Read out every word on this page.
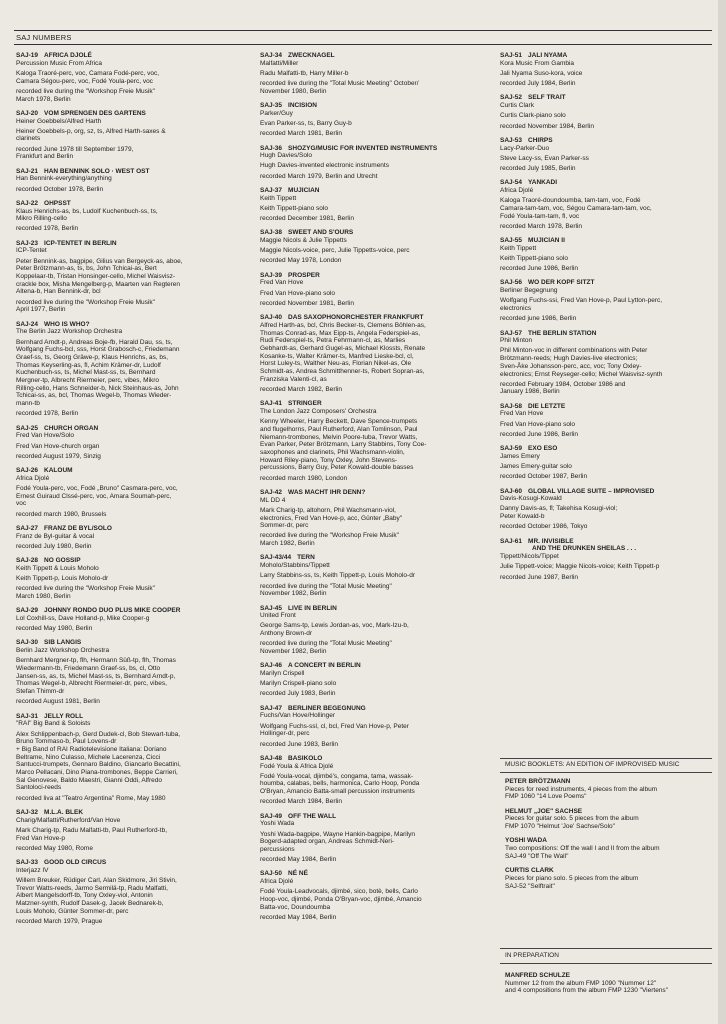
SAJ NUMBERS
SAJ-19 AFRICA DJOLÉ
Percussion Music From Africa
Kaloga Traoré-perc, voc, Camara Fodé-perc, voc,
Camara Ségou-perc, voc, Fodé Youla-perc, voc
recorded live during the "Workshop Freie Musik"
March 1978, Berlin
SAJ-20 VOM SPRENGEN DES GARTENS
Heiner Goebbels/Alfred Harth
Heiner Goebbels-p, org, sz, ts, Alfred Harth-saxes &
clarinets
recorded June 1978 till September 1979,
Frankfurt and Berlin
SAJ-21 HAN BENNINK SOLO · WEST OST
Han Bennink-everything/anything
recorded October 1978, Berlin
SAJ-22 OHPSST
Klaus Henrichs-as, bs, Ludolf Kuchenbuch-ss, ts,
Mikro Rilling-cello
recorded 1978, Berlin
SAJ-23 ICP-TENTET IN BERLIN
ICP-Tentet
Peter Bennink-as, bagpipe, Gilius van Bergeyck-as, aboe,
Peter Brötzmann-as, ts, bs, John Tchicai-as, Bert
Koppelaar-tb, Tristan Honsinger-cello, Michel Waisvisz-
crackle box, Misha Mengelberg-p, Maarten van Regteren
Altena-b, Han Bennink-dr, bcl
recorded live during the "Workshop Freie Musik"
April 1977, Berlin
SAJ-24 WHO IS WHO?
The Berlin Jazz Workshop Orchestra
Bernhard Arndt-p, Andreas Boje-fb, Harald Dau, ss, ts,
Wolfgang Fuchs-bcl, sss, Horst Grabosch-c, Friedemann
Graef-ss, ts, Georg Gräwe-p, Klaus Henrichs, as, bs,
Thomas Keyserling-as, fl, Achim Krämer-dr, Ludolf
Kuchenbuch-ss, ts, Michel Mast-ss, ts, Bernhard
Mergner-tp, Albrecht Riermeier, perc, vibes, Mikro
Rilling-cello, Hans Schneider-b, Nick Steinhaus-as, John
Tchicai-ss, as, bcl, Thomas Wegel-b, Thomas Wieder-
mann-tb
recorded 1978, Berlin
SAJ-25 CHURCH ORGAN
Fred Van Hove/Solo
Fred Van Hove-church organ
recorded August 1979, Sinzig
SAJ-26 KALOUM
Africa Djolé
Fodé Youla-perc, voc, Fodé „Bruno" Casmara-perc, voc,
Ernest Guiraud Clssé-perc, voc, Amara Soumah-perc,
voc
recorded march 1980, Brussels
SAJ-27 FRANZ DE BYL/SOLO
Franz de Byl-guitar & vocal
recorded July 1980, Berlin
SAJ-28 NO GOSSIP
Keith Tippett & Louis Moholo
Keith Tippett-p, Louis Moholo-dr
recorded live during the "Workshop Freie Musik"
March 1980, Berlin
SAJ-29 JOHNNY RONDO DUO PLUS MIKE COOPER
Lol Coxhill-ss, Dave Holland-p, Mike Cooper-g
recorded May 1980, Berlin
SAJ-30 SIB LANGIS
Berlin Jazz Workshop Orchestra
Bernhard Mergner-tp, flh, Hermann Süß-tp, flh, Thomas
Wiedermann-tb, Friedemann Graef-ss, bs, cl, Otto
Jansen-ss, as, ts, Michel Mast-ss, ts, Bernhard Arndt-p,
Thomas Wegel-b, Albrecht Riermeier-dr, perc, vibes,
Stefan Thimm-dr
recorded August 1981, Berlin
SAJ-31 JELLY ROLL
"RAI" Big Band & Soloists
Alex Schlippenbach-p, Gerd Dudek-cl, Bob Stewart-tuba,
Bruno Tommaso-b, Paul Lovens-dr
+ Big Band of RAI Radiotelevisione Italiana: Doriano
Beltrame, Nino Culasso, Michele Lacerenza, Cicci
Santucci-trumpets, Gennaro Baldino, Giancarlo Becattini,
Marco Pellacani, Dino Piana-trombones, Beppe Carrieri,
Sal Genovese, Baldo Maestri, Gianni Oddi, Alfredo
Santoloci-reeds
recorded liva at "Teatro Argentina" Rome, May 1980
SAJ-32 M.L.A. BLEK
Charig/Malfatti/Rutherford/Van Hove
Mark Charig-tp, Radu Malfatti-tb, Paul Rutherford-tb,
Fred Van Hove-p
recorded May 1980, Rome
SAJ-33 GOOD OLD CIRCUS
Interjazz IV
Willem Breuker, Rüdiger Carl, Alan Skidmore, Jiri Stivin,
Trevor Watts-reeds, Jarmo Sermilä-tp, Radu Malfatti,
Albert Mangelsdorff-tb, Tony Oxley-viol, Antonin
Matzner-synth, Rudolf Dasek-g, Jacek Bednarek-b,
Louis Moholo, Günter Sommer-dr, perc
recorded March 1979, Prague
SAJ-34 ZWECKNAGEL
Malfatti/Miller
Radu Malfatti-tb, Harry Miller-b
recorded live during the "Total Music Meeting" October/
November 1980, Berlin
SAJ-35 INCISION
Parker/Guy
Evan Parker-ss, ts, Barry Guy-b
recorded March 1981, Berlin
SAJ-36 SHOZYG/MUSIC FOR INVENTED INSTRUMENTS
Hugh Davies/Solo
Hugh Davies-invented electronic instruments
recorded March 1979, Berlin and Utrecht
SAJ-37 MUJICIAN
Keith Tippett
Keith Tippett-piano solo
recorded December 1981, Berlin
SAJ-38 SWEET AND S'OURS
Maggie Nicols & Julie Tippetts
Maggie Nicols-voice, perc, Julie Tippetts-voice, perc
recorded May 1978, London
SAJ-39 PROSPER
Fred Van Hove
Fred Van Hove-piano solo
recorded November 1981, Berlin
SAJ-40 DAS SAXOPHONORCHESTER FRANKFURT
Alfred Harth-as, bcl, Chris Becker-ts, Clemens Böhlen-as,
Thomas Conrad-as, Max Eipp-ts, Angela Federspiel-as,
Rudi Federspiel-ts, Petra Fehrmann-cl, as, Marlies
Gebhardt-as, Gerhard Gugel-as, Michael Klossts, Renate
Kosanke-ts, Walter Krämer-ts, Manfred Lieske-bcl, cl,
Horst Luley-ts, Walther Neu-as, Florian Nikel-as, Ole
Schmidt-as, Andrea Schmitthenner-ts, Robert Sopran-as,
Franziska Valenti-cl, as
recorded March 1982, Berlin
SAJ-41 STRINGER
The London Jazz Composers' Orchestra
Kenny Wheeler, Harry Beckett, Dave Spence-trumpets
and flugelhorns, Paul Rutherford, Alan Tomlinson, Paul
Niemann-trombones, Melvin Poore-tuba, Trevor Watts,
Evan Parker, Peter Brötzmann, Larry Stabbins, Tony Coe-
saxophones and clarinets, Phil Wachsmann-violin,
Howard Riley-piano, Tony Oxley, John Stevens-
percussions, Barry Guy, Peter Kowald-double basses
recorded march 1980, London
SAJ-42 WAS MACHT IHR DENN?
ML DD 4
Mark Charig-tp, altohorn, Phil Wachsmann-viol,
electronics, Fred Van Hove-p, acc, Günter „Baby"
Sommer-dr, perc
recorded live during the "Workshop Freie Musik"
March 1982, Berlin
SAJ-43/44 TERN
Moholo/Stabbins/Tippett
Larry Stabbins-ss, ts, Keith Tippett-p, Louis Moholo-dr
recorded live during the "Total Music Meeting"
November 1982, Berlin
SAJ-45 LIVE IN BERLIN
United Front
George Sams-tp, Lewis Jordan-as, voc, Mark-Izu-b,
Anthony Brown-dr
recorded live during the "Total Music Meeting"
November 1982, Berlin
SAJ-46 A CONCERT IN BERLIN
Marilyn Crispell
Marilyn Crispell-piano solo
recorded July 1983, Berlin
SAJ-47 BERLINER BEGEGNUNG
Fuchs/Van Hove/Hollinger
Wolfgang Fuchs-ssl, cl, bcl, Fred Van Hove-p, Peter
Hollinger-dr, perc
recorded June 1983, Berlin
SAJ-48 BASIKOLO
Fodé Youla & Africa Djolé
Fodé Youla-vocal, djimbé's, congama, tama, wassak-
houmba, calabas, bells, harmonica, Carlo Hoop, Ponda
O'Bryan, Amancio Batta-small percussion instruments
recorded March 1984, Berlin
SAJ-49 OFF THE WALL
Yoshi Wada
Yoshi Wada-bagpipe, Wayne Hankin-bagpipe, Marilyn
Bogerd-adapted organ, Andreas Schmidt-Neri-
percussions
recorded May 1984, Berlin
SAJ-50 NÉ NÉ
Africa Djolé
Fodé Youla-Leadvocals, djimbé, sico, botè, bells, Carlo
Hoop-voc, djimbé, Ponda O'Bryan-voc, djimbé, Amancio
Batta-voc, Doundoumba
recorded May 1984, Berlin
SAJ-51 JALI NYAMA
Kora Music From Gambia
Jali Nyama Suso-kora, voice
recorded July 1984, Berlin
SAJ-52 SELF TRAIT
Curtis Clark
Curtis Clark-piano solo
recorded November 1984, Berlin
SAJ-53 CHIRPS
Lacy-Parker-Duo
Steve Lacy-ss, Evan Parker-ss
recorded July 1985, Berlin
SAJ-54 YANKADI
Africa Djolé
Kaloga Traoré-doundoumba, tam-tam, voc, Fodé
Camara-tam-tam, voc, Ségou Camara-tam-tam, voc,
Fodé Youla-tam-tam, fl, voc
recorded March 1978, Berlin
SAJ-55 MUJICIAN II
Keith Tippett
Keith Tippett-piano solo
recorded June 1986, Berlin
SAJ-56 WO DER KOPF SITZT
Berliner Begegnung
Wolfgang Fuchs-ssi, Fred Van Hove-p, Paul Lytton-perc,
electronics
recorded june 1986, Berlin
SAJ-57 THE BERLIN STATION
Phil Minton
Phil Minton-voc in different combinations with Peter
Brötzmann-reeds; Hugh Davies-live electronics;
Sven-Åke Johansson-perc, acc, voc; Tony Oxley-
electronics; Ernst Reyseger-cello; Michel Waisvisz-synth
recorded February 1984, October 1986 and
January 1986, Berlin
SAJ-58 DIE LETZTE
Fred Van Hove
Fred Van Hove-piano solo
recorded June 1986, Berlin
SAJ-59 EXO ESO
James Emery
James Emery-guitar solo
recorded October 1987, Berlin
SAJ-60 GLOBAL VILLAGE SUITE – IMPROVISED
Davis-Kosugi-Kowald
Danny Davis-as, fl; Takehisa Kosugi-viol;
Peter Kowald-b
recorded October 1986, Tokyo
SAJ-61 MR. INVISIBLE
AND THE DRUNKEN SHEILAS . . .
Tippett/Nicols/Tippet
Julie Tippett-voice; Maggie Nicols-voice; Keith Tippett-p
recorded June 1987, Berlin
MUSIC BOOKLETS: AN EDITION OF IMPROVISED MUSIC
PETER BRÖTZMANN
Pieces for reed instruments, 4 pieces from the album
FMP 1060 "14 Love Poems"
HELMUT „JOE" SACHSE
Pieces for guitar solo. 5 pieces from the album
FMP 1070 "Helmut 'Joe' Sachse/Solo"
YOSHI WADA
Two compositions: Off the wall I and II from the album
SAJ-49 "Off The Wall"
CURTIS CLARK
Pieces for piano solo. 5 pieces from the album
SAJ-52 "Selftrait"
IN PREPARATION
MANFRED SCHULZE
Nummer 12 from the album FMP 1090 "Nummer 12"
and 4 compositions from the album FMP 1230 "Viertens"
